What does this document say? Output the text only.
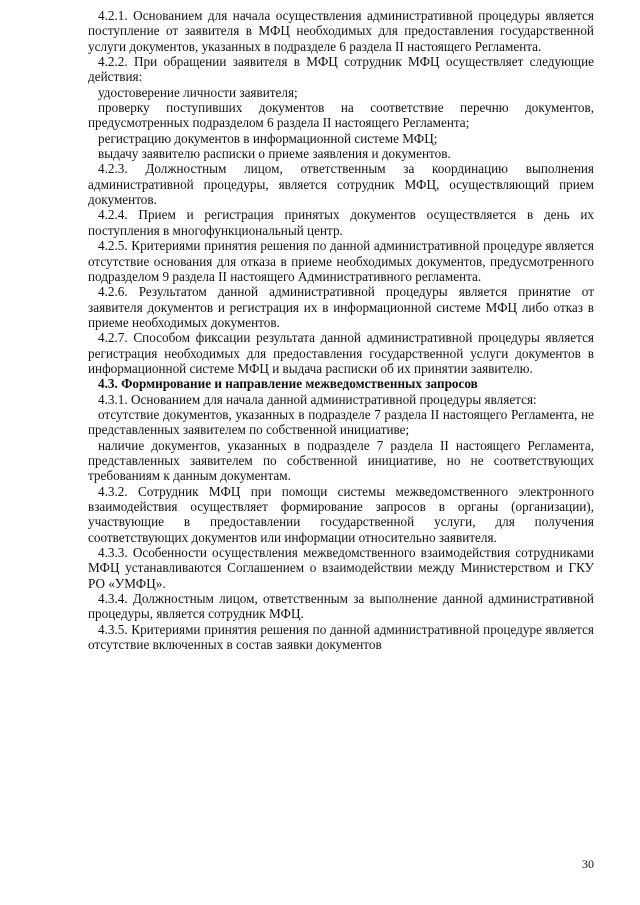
4.2.1. Основанием для начала осуществления административной процедуры является поступление от заявителя в МФЦ необходимых для предоставления государственной услуги документов, указанных в подразделе 6 раздела II настоящего Регламента.

4.2.2. При обращении заявителя в МФЦ сотрудник МФЦ осуществляет следующие действия:

удостоверение личности заявителя;

проверку поступивших документов на соответствие перечню документов, предусмотренных подразделом 6 раздела II настоящего Регламента;

регистрацию документов в информационной системе МФЦ;

выдачу заявителю расписки о приеме заявления и документов.

4.2.3. Должностным лицом, ответственным за координацию выполнения административной процедуры, является сотрудник МФЦ, осуществляющий прием документов.

4.2.4. Прием и регистрация принятых документов осуществляется в день их поступления в многофункциональный центр.

4.2.5. Критериями принятия решения по данной административной процедуре является отсутствие основания для отказа в приеме необходимых документов, предусмотренного подразделом 9 раздела II настоящего Административного регламента.

4.2.6. Результатом данной административной процедуры является принятие от заявителя документов и регистрация их в информационной системе МФЦ либо отказ в приеме необходимых документов.

4.2.7. Способом фиксации результата данной административной процедуры является регистрация необходимых для предоставления государственной услуги документов в информационной системе МФЦ и выдача расписки об их принятии заявителю.

4.3. Формирование и направление межведомственных запросов

4.3.1. Основанием для начала данной административной процедуры является:

отсутствие документов, указанных в подразделе 7 раздела II настоящего Регламента, не представленных заявителем по собственной инициативе;

наличие документов, указанных в подразделе 7 раздела II настоящего Регламента, представленных заявителем по собственной инициативе, но не соответствующих требованиям к данным документам.

4.3.2. Сотрудник МФЦ при помощи системы межведомственного электронного взаимодействия осуществляет формирование запросов в органы (организации), участвующие в предоставлении государственной услуги, для получения соответствующих документов или информации относительно заявителя.

4.3.3. Особенности осуществления межведомственного взаимодействия сотрудниками МФЦ устанавливаются Соглашением о взаимодействии между Министерством и ГКУ РО «УМФЦ».

4.3.4. Должностным лицом, ответственным за выполнение данной административной процедуры, является сотрудник МФЦ.

4.3.5. Критериями принятия решения по данной административной процедуре является отсутствие включенных в состав заявки документов

30
